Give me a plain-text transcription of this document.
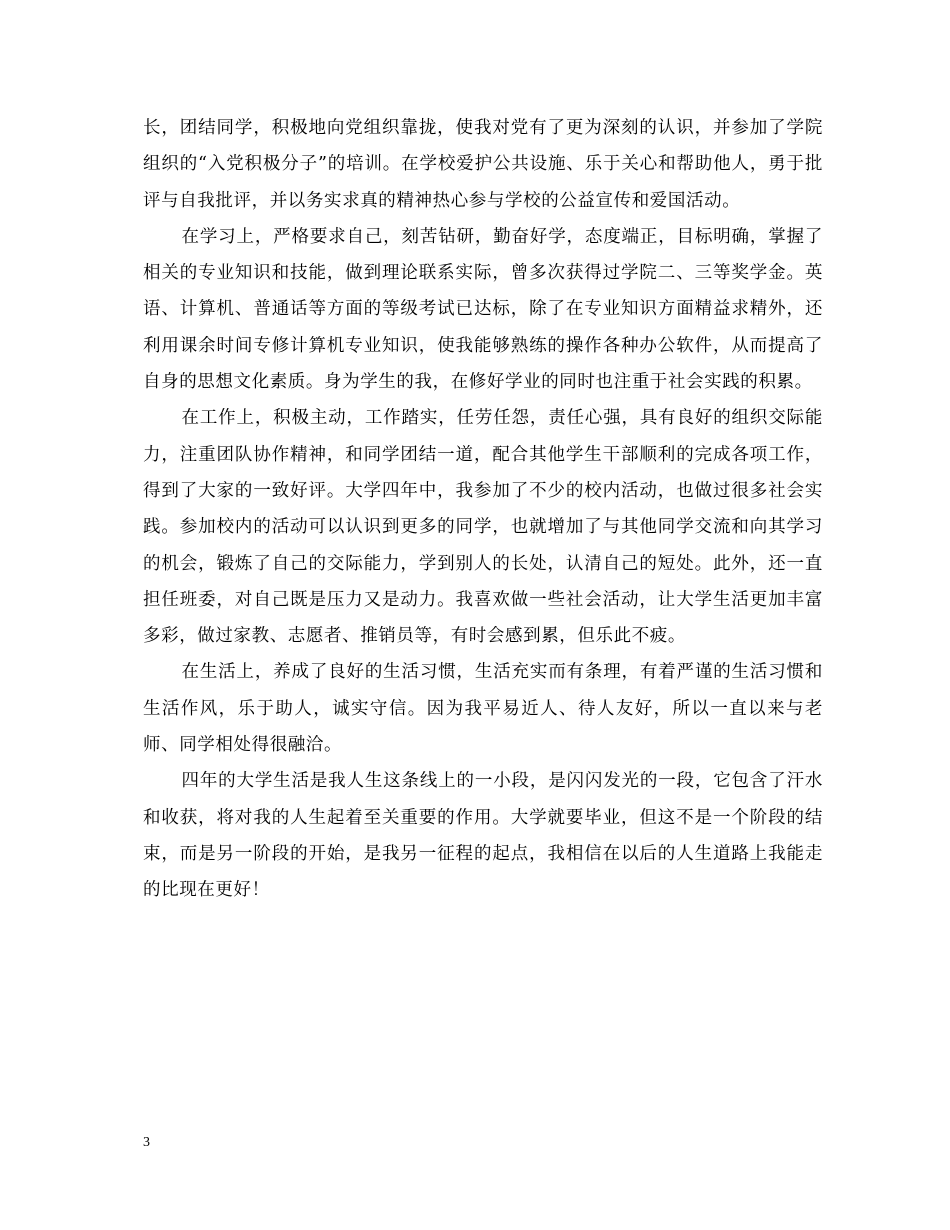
长，团结同学，积极地向党组织靠拢，使我对党有了更为深刻的认识，并参加了学院组织的“入党积极分子”的培训。在学校爱护公共设施、乐于关心和帮助他人，勇于批评与自我批评，并以务实求真的精神热心参与学校的公益宣传和爱国活动。

在学习上，严格要求自己，刻苦钻研，勤奋好学，态度端正，目标明确，掌握了相关的专业知识和技能，做到理论联系实际，曾多次获得过学院二、三等奖学金。英语、计算机、普通话等方面的等级考试已达标，除了在专业知识方面精益求精外，还利用课余时间专修计算机专业知识，使我能够熟练的操作各种办公软件，从而提高了自身的思想文化素质。身为学生的我，在修好学业的同时也注重于社会实践的积累。

在工作上，积极主动，工作踏实，任劳任怨，责任心强，具有良好的组织交际能力，注重团队协作精神，和同学团结一道，配合其他学生干部顺利的完成各项工作，得到了大家的一致好评。大学四年中，我参加了不少的校内活动，也做过很多社会实践。参加校内的活动可以认识到更多的同学，也就增加了与其他同学交流和向其学习的机会，锻炼了自己的交际能力，学到别人的长处，认清自己的短处。此外，还一直担任班委，对自己既是压力又是动力。我喜欢做一些社会活动，让大学生活更加丰富多彩，做过家教、志愿者、推销员等，有时会感到累，但乐此不疲。

在生活上，养成了良好的生活习惯，生活充实而有条理，有着严谨的生活习惯和生活作风，乐于助人，诚实守信。因为我平易近人、待人友好，所以一直以来与老师、同学相处得很融洽。

四年的大学生活是我人生这条线上的一小段，是闪闪发光的一段，它包含了汗水和收获，将对我的人生起着至关重要的作用。大学就要毕业，但这不是一个阶段的结束，而是另一阶段的开始，是我另一征程的起点，我相信在以后的人生道路上我能走的比现在更好！

3
